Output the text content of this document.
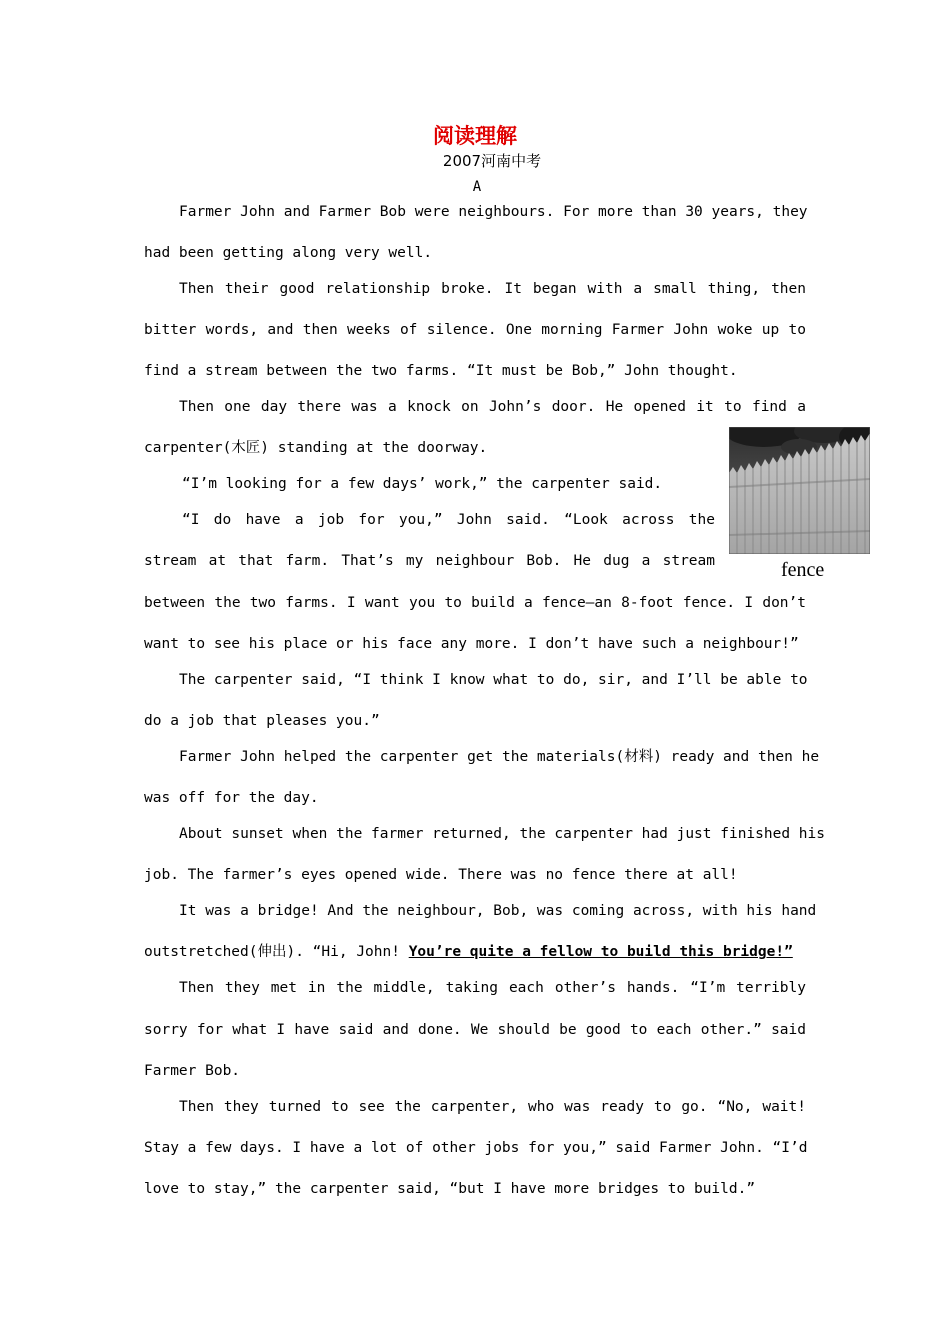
阅读理解
2007河南中考
A
Farmer John and Farmer Bob were neighbours. For more than 30 years, they
had been getting along very well.
Then their good relationship broke. It began with a small thing, then
bitter words, and then weeks of silence. One morning Farmer John woke up to
find a stream between the two farms. “It must be Bob,” John thought.
Then one day there was a knock on John’s door. He opened it to find a
carpenter(木匠) standing at the doorway.
“I’m looking for a few days’ work,” the carpenter said.
“I do have a job for you,” John said. “Look across the
stream at that farm. That’s my neighbour Bob. He dug a stream
between the two farms. I want you to build a fence—an 8-foot fence. I don’t
want to see his place or his face any more. I don’t have such a neighbour!”
The carpenter said, “I think I know what to do, sir, and I’ll be able to
do a job that pleases you.”
Farmer John helped the carpenter get the materials(材料) ready and then he
was off for the day.
About sunset when the farmer returned, the carpenter had just finished his
job. The farmer’s eyes opened wide. There was no fence there at all!
It was a bridge! And the neighbour, Bob, was coming across, with his hand
outstretched(伸出). “Hi, John! You’re quite a fellow to build this bridge!”
Then they met in the middle, taking each other’s hands. “I’m terribly
sorry for what I have said and done. We should be good to each other.” said
Farmer Bob.
Then they turned to see the carpenter, who was ready to go. “No, wait!
Stay a few days. I have a lot of other jobs for you,” said Farmer John. “I’d
love to stay,” the carpenter said, “but I have more bridges to build.”
fence
